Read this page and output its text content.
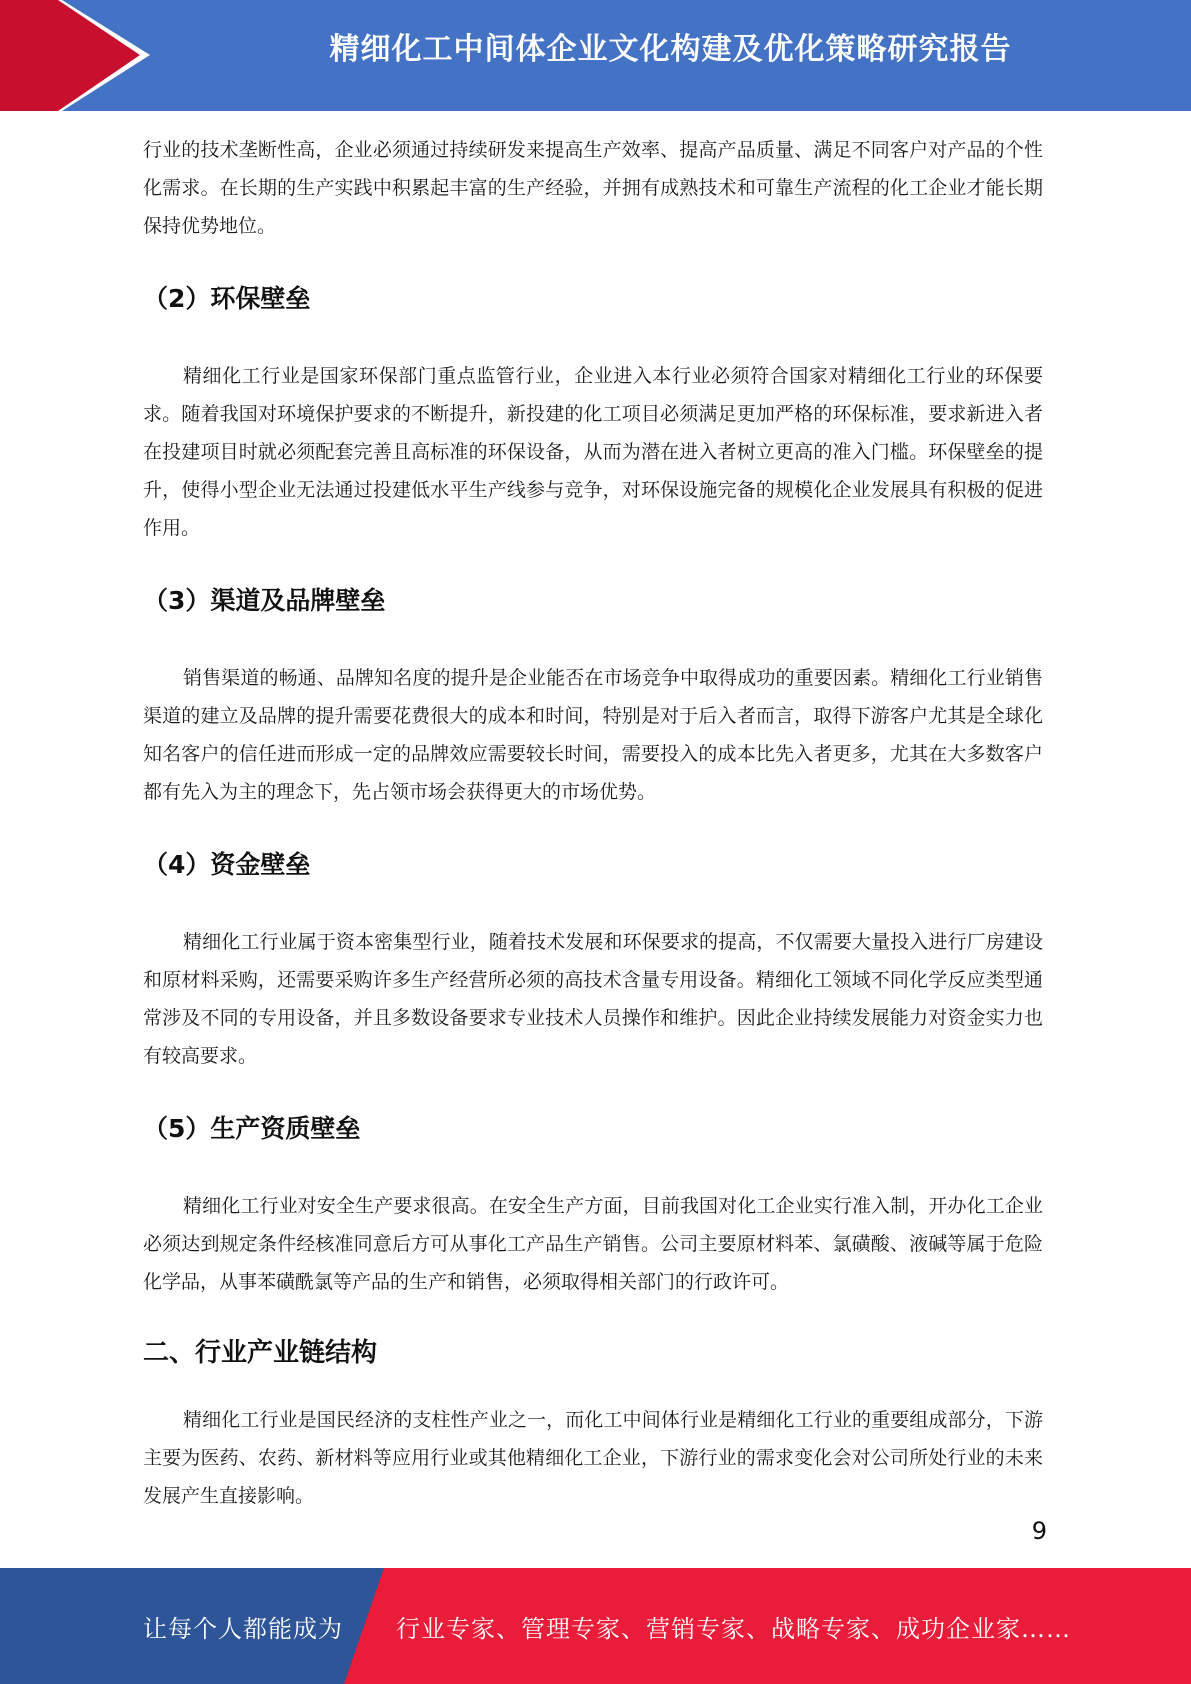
精细化工中间体企业文化构建及优化策略研究报告

行业的技术垄断性高，企业必须通过持续研发来提高生产效率、提高产品质量、满足不同客户对产品的个性化需求。在长期的生产实践中积累起丰富的生产经验，并拥有成熟技术和可靠生产流程的化工企业才能长期保持优势地位。

（2）环保壁垒

精细化工行业是国家环保部门重点监管行业，企业进入本行业必须符合国家对精细化工行业的环保要求。随着我国对环境保护要求的不断提升，新投建的化工项目必须满足更加严格的环保标准，要求新进入者在投建项目时就必须配套完善且高标准的环保设备，从而为潜在进入者树立更高的准入门槛。环保壁垒的提升，使得小型企业无法通过投建低水平生产线参与竞争，对环保设施完备的规模化企业发展具有积极的促进作用。

（3）渠道及品牌壁垒

销售渠道的畅通、品牌知名度的提升是企业能否在市场竞争中取得成功的重要因素。精细化工行业销售渠道的建立及品牌的提升需要花费很大的成本和时间，特别是对于后入者而言，取得下游客户尤其是全球化知名客户的信任进而形成一定的品牌效应需要较长时间，需要投入的成本比先入者更多，尤其在大多数客户都有先入为主的理念下，先占领市场会获得更大的市场优势。

（4）资金壁垒

精细化工行业属于资本密集型行业，随着技术发展和环保要求的提高，不仅需要大量投入进行厂房建设和原材料采购，还需要采购许多生产经营所必须的高技术含量专用设备。精细化工领域不同化学反应类型通常涉及不同的专用设备，并且多数设备要求专业技术人员操作和维护。因此企业持续发展能力对资金实力也有较高要求。

（5）生产资质壁垒

精细化工行业对安全生产要求很高。在安全生产方面，目前我国对化工企业实行准入制，开办化工企业必须达到规定条件经核准同意后方可从事化工产品生产销售。公司主要原材料苯、氯磺酸、液碱等属于危险化学品，从事苯磺酰氯等产品的生产和销售，必须取得相关部门的行政许可。

二、行业产业链结构

精细化工行业是国民经济的支柱性产业之一，而化工中间体行业是精细化工行业的重要组成部分，下游主要为医药、农药、新材料等应用行业或其他精细化工企业，下游行业的需求变化会对公司所处行业的未来发展产生直接影响。

9
让每个人都能成为 行业专家、管理专家、营销专家、战略专家、成功企业家……
